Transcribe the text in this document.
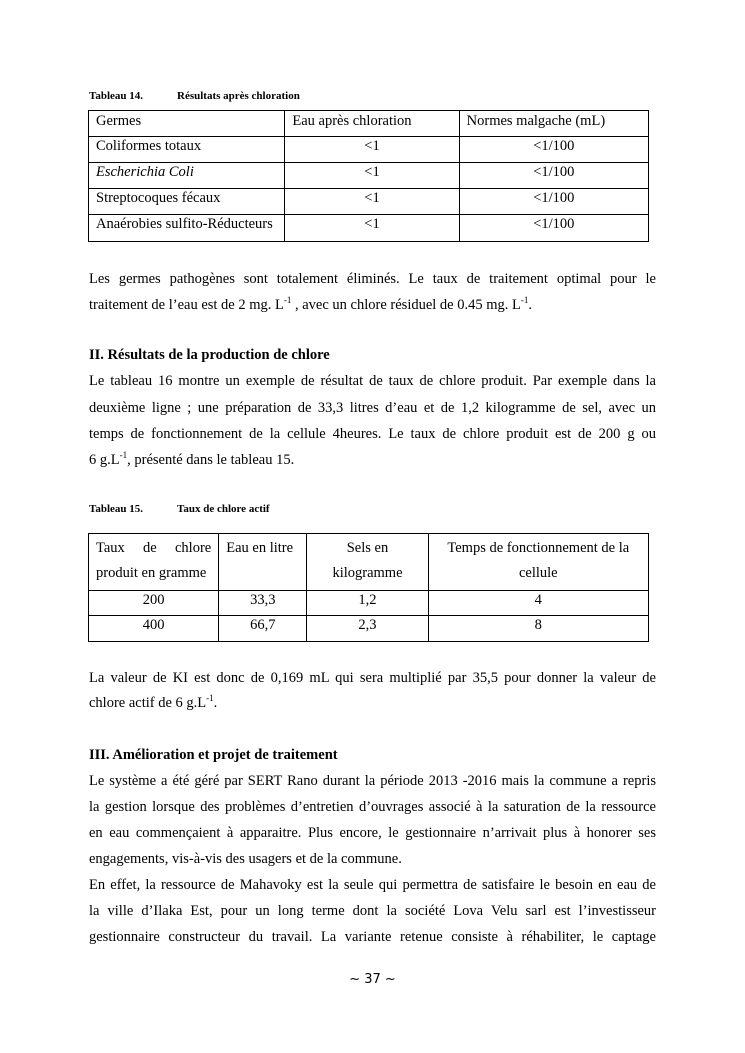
Tableau 14.	Résultats après chloration
Germes	Eau après chloration	Normes malgache (mL)
Coliformes totaux	<1	<1/100
Escherichia Coli	<1	<1/100
Streptocoques fécaux	<1	<1/100
Anaérobies sulfito-Réducteurs	<1	<1/100
Les germes pathogènes sont totalement éliminés. Le taux de traitement optimal pour le
traitement de l’eau est de 2 mg. $L^{-1}$ , avec un chlore résiduel de 0.45 mg. $L^{-1}$.
II. Résultats de la production de chlore
Le tableau 16 montre un exemple de résultat de taux de chlore produit. Par exemple dans la
deuxième ligne ; une préparation de 33,3 litres d’eau et de 1,2 kilogramme de sel, avec un
temps de fonctionnement de la cellule 4heures. Le taux de chlore produit est de 200 g ou
6 $g.L^{-1}$, présenté dans le tableau 15.
Tableau 15.	Taux de chlore actif
Taux de chlore
produit en gramme	Eau en litre	Sels en kilogramme	Temps de fonctionnement de la cellule
200	33,3	1,2	4
400	66,7	2,3	8
La valeur de KI est donc de 0,169 mL qui sera multiplié par 35,5 pour donner la valeur de
chlore actif de 6 $g.L^{-1}$.
III. Amélioration et projet de traitement
Le système a été géré par SERT Rano durant la période 2013 -2016 mais la commune a repris
la gestion lorsque des problèmes d’entretien d’ouvrages associé à la saturation de la ressource
en eau commençaient à apparaitre. Plus encore, le gestionnaire n’arrivait plus à honorer ses
engagements, vis-à-vis des usagers et de la commune.
En effet, la ressource de Mahavoky est la seule qui permettra de satisfaire le besoin en eau de
la ville d’Ilaka Est, pour un long terme dont la société Lova Velu sarl est l’investisseur
gestionnaire constructeur du travail. La variante retenue consiste à réhabiliter, le captage
~ 37 ~
